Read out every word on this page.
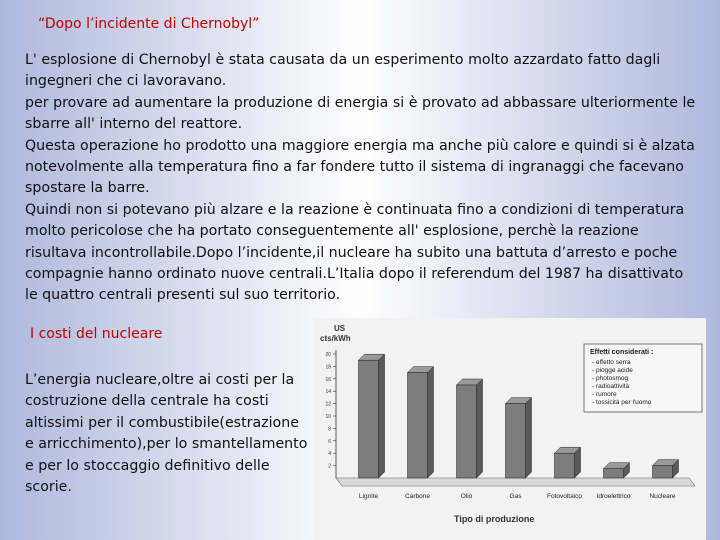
“Dopo l’incidente di Chernobyl”

L' esplosione di Chernobyl è stata causata da un esperimento molto azzardato fatto dagli ingegneri che ci lavoravano.

per provare ad aumentare la produzione di energia si è provato ad abbassare ulteriormente le sbarre all' interno del reattore.

Questa operazione ho prodotto una maggiore energia ma anche più calore e quindi si è alzata notevolmente alla temperatura fino a far fondere tutto il sistema di ingranaggi che facevano spostare la barre.

Quindi non si potevano più alzare e la reazione è continuata fino a condizioni di temperatura molto pericolose che ha portato conseguentemente all' esplosione, perchè la reazione risultava incontrollabile.Dopo l’incidente,il nucleare ha subito una battuta d’arresto e poche compagnie hanno ordinato nuove centrali.L’Italia dopo il referendum del 1987 ha disattivato le quattro centrali presenti sul suo territorio.

I costi del nucleare
L’energia nucleare,oltre ai costi per la costruzione della centrale ha costi altissimi per il combustibile(estrazione e arricchimento),per lo smantellamento e per lo stoccaggio definitivo delle scorie.
US
cts/kWh
Tipo di produzione
20
18
16
14
12
10
8
6
4
2
Lignite	Carbone	Olio	Gas	Fotovoltaico Idroelettrico	Nucleare
Effetti considerati :
- effetto serra
- piogge acide
- photosmog
- radioattività
- rumore
- tossicità per l'uomo
